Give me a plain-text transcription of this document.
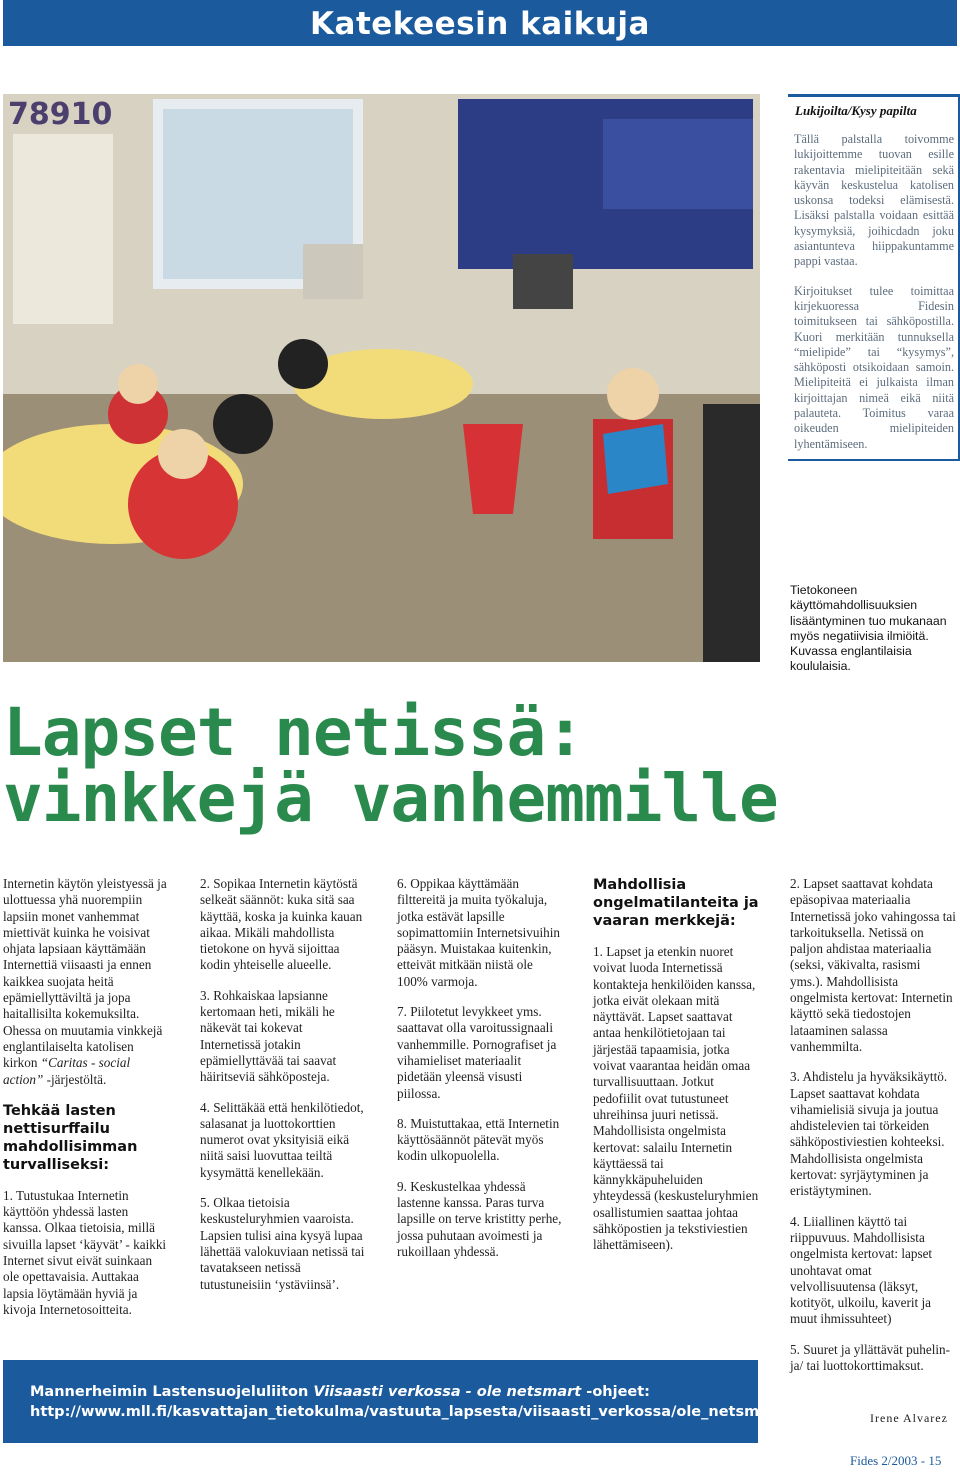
Katekeesin kaikuja
78910	Lukijoilta/Kysy papilta

Tällä palstalla toivomme lukijoittemme tuovan esille rakentavia mielipiteitään sekä käyvän keskustelua katolisen uskonsa todeksi elämisestä. Lisäksi palstalla voidaan esittää kysymyksiä, joihicdadn joku asiantunteva hiippakuntamme pappi vastaa.

Kirjoitukset tulee toimittaa kirjekuoressa Fidesin toimitukseen tai sähköpostilla. Kuori merkitään tunnuksella “mielipide” tai “kysymys”, sähköposti otsikoidaan samoin. Mielipiteitä ei julkaista ilman kirjoittajan nimeä eikä niitä palauteta. Toimitus varaa oikeuden mielipiteiden lyhentämiseen.

Tietokoneen käyttömahdollisuuksien lisääntyminen tuo mukanaan myös negatiivisia ilmiöitä. Kuvassa englantilaisia koululaisia.
Lapset netissä:
vinkkejä vanhemmille

Internetin käytön yleistyessä ja ulottuessa yhä nuorempiin lapsiin monet vanhemmat miettivät kuinka he voisivat ohjata lapsiaan käyttämään Internettiä viisaasti ja ennen kaikkea suojata heitä epämiellyttäviltä ja jopa haitallisilta kokemuksilta. Ohessa on muutamia vinkkejä englantilaiselta katolisen kirkon “Caritas - social action” -järjestöltä.

Tehkää lasten nettisurffailu mahdollisimman turvalliseksi:

1. Tutustukaa Internetin käyttöön yhdessä lasten kanssa. Olkaa tietoisia, millä sivuilla lapset ‘käyvät’ - kaikki Internet sivut eivät suinkaan ole opettavaisia. Auttakaa lapsia löytämään hyviä ja kivoja Internetosoitteita.

2. Sopikaa Internetin käytöstä selkeät säännöt: kuka sitä saa käyttää, koska ja kuinka kauan aikaa. Mikäli mahdollista tietokone on hyvä sijoittaa kodin yhteiselle alueelle.

3. Rohkaiskaa lapsianne kertomaan heti, mikäli he näkevät tai kokevat Internetissä jotakin epämiellyttävää tai saavat häiritseviä sähköposteja.

4. Selittäkää että henkilötiedot, salasanat ja luottokorttien numerot ovat yksityisiä eikä niitä saisi luovuttaa teiltä kysymättä kenellekään.

5. Olkaa tietoisia keskusteluryhmien vaaroista. Lapsien tulisi aina kysyä lupaa lähettää valokuviaan netissä tai tavatakseen netissä tutustuneisiin ‘ystäviinsä’.

6. Oppikaa käyttämään filttereitä ja muita työkaluja, jotka estävät lapsille sopimattomiin Internetsivuihin pääsyn. Muistakaa kuitenkin, etteivät mitkään niistä ole 100% varmoja.

7. Piilotetut levykkeet yms. saattavat olla varoitussignaali vanhemmille. Pornografiset ja vihamieliset materiaalit pidetään yleensä visusti piilossa.

8. Muistuttakaa, että Internetin käyttösäännöt pätevät myös kodin ulkopuolella.

9. Keskustelkaa yhdessä lastenne kanssa. Paras turva lapsille on terve kristitty perhe, jossa puhutaan avoimesti ja rukoillaan yhdessä.

Mahdollisia ongelmatilanteita ja vaaran merkkejä:

1. Lapset ja etenkin nuoret voivat luoda Internetissä kontakteja henkilöiden kanssa, jotka eivät olekaan mitä näyttävät. Lapset saattavat antaa henkilötietojaan tai järjestää tapaamisia, jotka voivat vaarantaa heidän omaa turvallisuuttaan. Jotkut pedofiilit ovat tutustuneet uhreihinsa juuri netissä. Mahdollisista ongelmista kertovat: salailu Internetin käyttäessä tai kännykkäpuheluiden yhteydessä (keskusteluryhmien osallistumien saattaa johtaa sähköpostien ja tekstiviestien lähettämiseen).

2. Lapset saattavat kohdata epäsopivaa materiaalia Internetissä joko vahingossa tai tarkoituksella. Netissä on paljon ahdistaa materiaalia (seksi, väkivalta, rasismi yms.). Mahdollisista ongelmista kertovat: Internetin käyttö sekä tiedostojen lataaminen salassa vanhemmilta.

3. Ahdistelu ja hyväksikäyttö. Lapset saattavat kohdata vihamielisiä sivuja ja joutua ahdistelevien tai törkeiden sähköpostiviestien kohteeksi. Mahdollisista ongelmista kertovat: syrjäytyminen ja eristäytyminen.

4. Liiallinen käyttö tai riippuvuus. Mahdollisista ongelmista kertovat: lapset unohtavat omat velvollisuutensa (läksyt, kotityöt, ulkoilu, kaverit ja muut ihmissuhteet)

5. Suuret ja yllättävät puhelin- ja/ tai luottokorttimaksut.

Mannerheimin Lastensuojeluliiton Viisaasti verkossa - ole netsmart -ohjeet:
http://www.mll.fi/kasvattajan_tietokulma/vastuuta_lapsesta/viisaasti_verkossa/ole_netsmart/	Irene Alvarez
Fides 2/2003 - 15
